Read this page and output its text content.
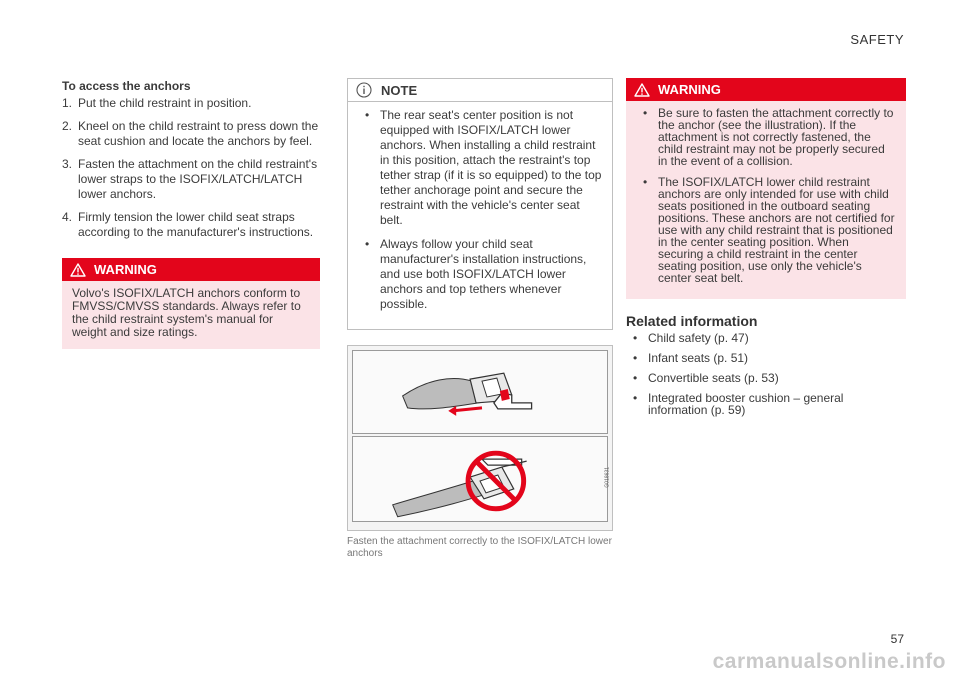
SAFETY
To access the anchors
1. Put the child restraint in position.
2. Kneel on the child restraint to press down the seat cushion and locate the anchors by feel.
3. Fasten the attachment on the child restraint's lower straps to the ISOFIX/LATCH/LATCH lower anchors.
4. Firmly tension the lower child seat straps according to the manufacturer's instructions.
WARNING
Volvo's ISOFIX/LATCH anchors conform to FMVSS/CMVSS standards. Always refer to the child restraint system's manual for weight and size ratings.
NOTE
• The rear seat's center position is not equipped with ISOFIX/LATCH lower anchors. When installing a child restraint in this position, attach the restraint's top tether strap (if it is so equipped) to the top tether anchorage point and secure the restraint with the vehicle's center seat belt.
• Always follow your child seat manufacturer's installation instructions, and use both ISOFIX/LATCH lower anchors and top tethers whenever possible.
G018631
Fasten the attachment correctly to the ISOFIX/LATCH lower anchors
WARNING
• Be sure to fasten the attachment correctly to the anchor (see the illustration). If the attachment is not correctly fastened, the child restraint may not be properly secured in the event of a collision.
• The ISOFIX/LATCH lower child restraint anchors are only intended for use with child seats positioned in the outboard seating positions. These anchors are not certified for use with any child restraint that is positioned in the center seating position. When securing a child restraint in the center seating position, use only the vehicle's center seat belt.
Related information
• Child safety (p. 47)
• Infant seats (p. 51)
• Convertible seats (p. 53)
• Integrated booster cushion – general information (p. 59)
57
carmanualsonline.info
